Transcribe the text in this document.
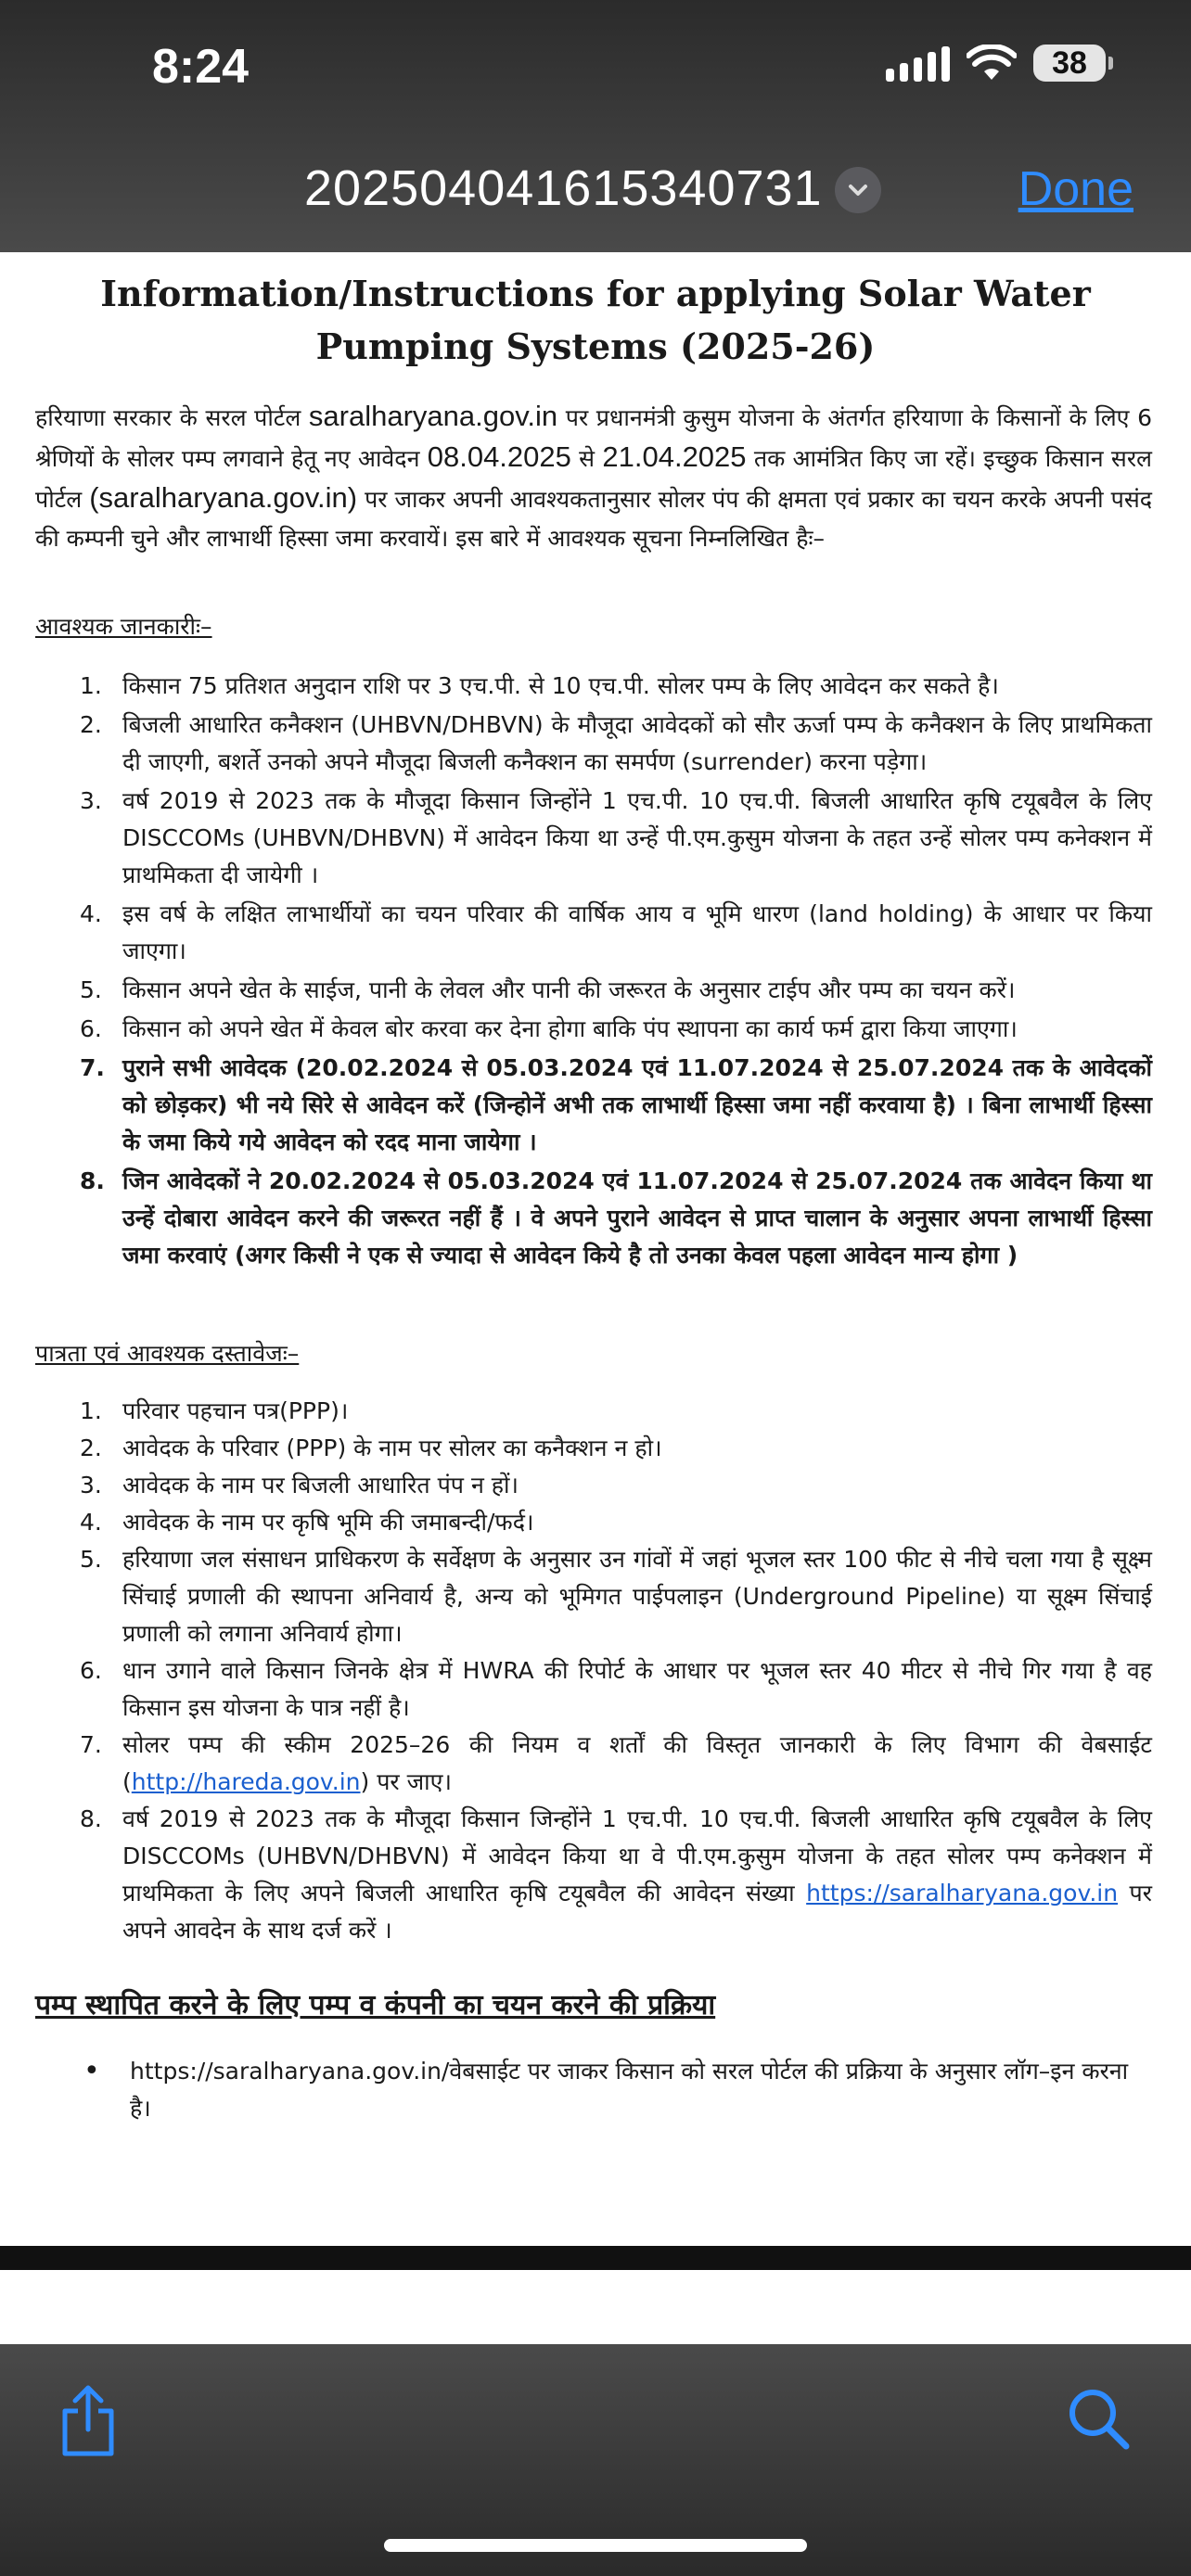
8:24	38
20250404161534073​1	Done
Information/Instructions for applying Solar Water Pumping Systems (2025-26)
हरियाणा सरकार के सरल पोर्टल saralharyana.gov.in पर प्रधानमंत्री कुसुम योजना के अंतर्गत हरियाणा के किसानों के लिए 6 श्रेणियों के सोलर पम्प लगवाने हेतू नए आवेदन 08.04.2025 से 21.04.2025 तक आमंत्रित किए जा रहें। इच्छुक किसान सरल पोर्टल (saralharyana.gov.in) पर जाकर अपनी आवश्यकतानुसार सोलर पंप की क्षमता एवं प्रकार का चयन करके अपनी पसंद की कम्पनी चुने और लाभार्थी हिस्सा जमा करवायें। इस बारे में आवश्यक सूचना निम्नलिखित हैः–
आवश्यक जानकारीः–
1. किसान 75 प्रतिशत अनुदान राशि पर 3 एच.पी. से 10 एच.पी. सोलर पम्प के लिए आवेदन कर सकते है।
2. बिजली आधारित कनैक्शन (UHBVN/DHBVN) के मौजूदा आवेदकों को सौर ऊर्जा पम्प के कनैक्शन के लिए प्राथमिकता दी जाएगी, बशर्ते उनको अपने मौजूदा बिजली कनैक्शन का समर्पण (surrender) करना पड़ेगा।
3. वर्ष 2019 से 2023 तक के मौजूदा किसान जिन्होंने 1 एच.पी. 10 एच.पी. बिजली आधारित कृषि टयूबवैल के लिए DISCCOMs (UHBVN/DHBVN) में आवेदन किया था उन्हें पी.एम.कुसुम योजना के तहत उन्हें सोलर पम्प कनेक्शन में प्राथमिकता दी जायेगी ।
4. इस वर्ष के लक्षित लाभार्थीयों का चयन परिवार की वार्षिक आय व भूमि धारण (land holding) के आधार पर किया जाएगा।
5. किसान अपने खेत के साईज, पानी के लेवल और पानी की जरूरत के अनुसार टाईप और पम्प का चयन करें।
6. किसान को अपने खेत में केवल बोर करवा कर देना होगा बाकि पंप स्थापना का कार्य फर्म द्वारा किया जाएगा।
7. पुराने सभी आवेदक (20.02.2024 से 05.03.2024 एवं 11.07.2024 से 25.07.2024 तक के आवेदकों को छोड़कर) भी नये सिरे से आवेदन करें (जिन्होनें अभी तक लाभार्थी हिस्सा जमा नहीं करवाया है) । बिना लाभार्थी हिस्सा के जमा किये गये आवेदन को रदद माना जायेगा ।
8. जिन आवेदकों ने 20.02.2024 से 05.03.2024 एवं 11.07.2024 से 25.07.2024 तक आवेदन किया था उन्हें दोबारा आवेदन करने की जरूरत नहीं हैं । वे अपने पुराने आवेदन से प्राप्त चालान के अनुसार अपना लाभार्थी हिस्सा जमा करवाएं (अगर किसी ने एक से ज्यादा से आवेदन किये है तो उनका केवल पहला आवेदन मान्य होगा )
पात्रता एवं आवश्यक दस्तावेजः–
1. परिवार पहचान पत्र(PPP)।
2. आवेदक के परिवार (PPP) के नाम पर सोलर का कनैक्शन न हो।
3. आवेदक के नाम पर बिजली आधारित पंप न हों।
4. आवेदक के नाम पर कृषि भूमि की जमाबन्दी/फर्द।
5. हरियाणा जल संसाधन प्राधिकरण के सर्वेक्षण के अनुसार उन गांवों में जहां भूजल स्तर 100 फीट से नीचे चला गया है सूक्ष्म सिंचाई प्रणाली की स्थापना अनिवार्य है, अन्य को भूमिगत पाईपलाइन (Underground Pipeline) या सूक्ष्म सिंचाई प्रणाली को लगाना अनिवार्य होगा।
6. धान उगाने वाले किसान जिनके क्षेत्र में HWRA की रिपोर्ट के आधार पर भूजल स्तर 40 मीटर से नीचे गिर गया है वह किसान इस योजना के पात्र नहीं है।
7. सोलर पम्प की स्कीम 2025–26 की नियम व शर्तों की विस्तृत जानकारी के लिए विभाग की वेबसाईट (http://hareda.gov.in) पर जाए।
8. वर्ष 2019 से 2023 तक के मौजूदा किसान जिन्होंने 1 एच.पी. 10 एच.पी. बिजली आधारित कृषि टयूबवैल के लिए DISCCOMs (UHBVN/DHBVN) में आवेदन किया था वे पी.एम.कुसुम योजना के तहत सोलर पम्प कनेक्शन में प्राथमिकता के लिए अपने बिजली आधारित कृषि टयूबवैल की आवेदन संख्या https://saralharyana.gov.in पर अपने आवदेन के साथ दर्ज करें ।
पम्प स्थापित करने के लिए पम्प व कंपनी का चयन करने की प्रक्रिया
• https://saralharyana.gov.in/वेबसाईट पर जाकर किसान को सरल पोर्टल की प्रक्रिया के अनुसार लॉग–इन करना है।
